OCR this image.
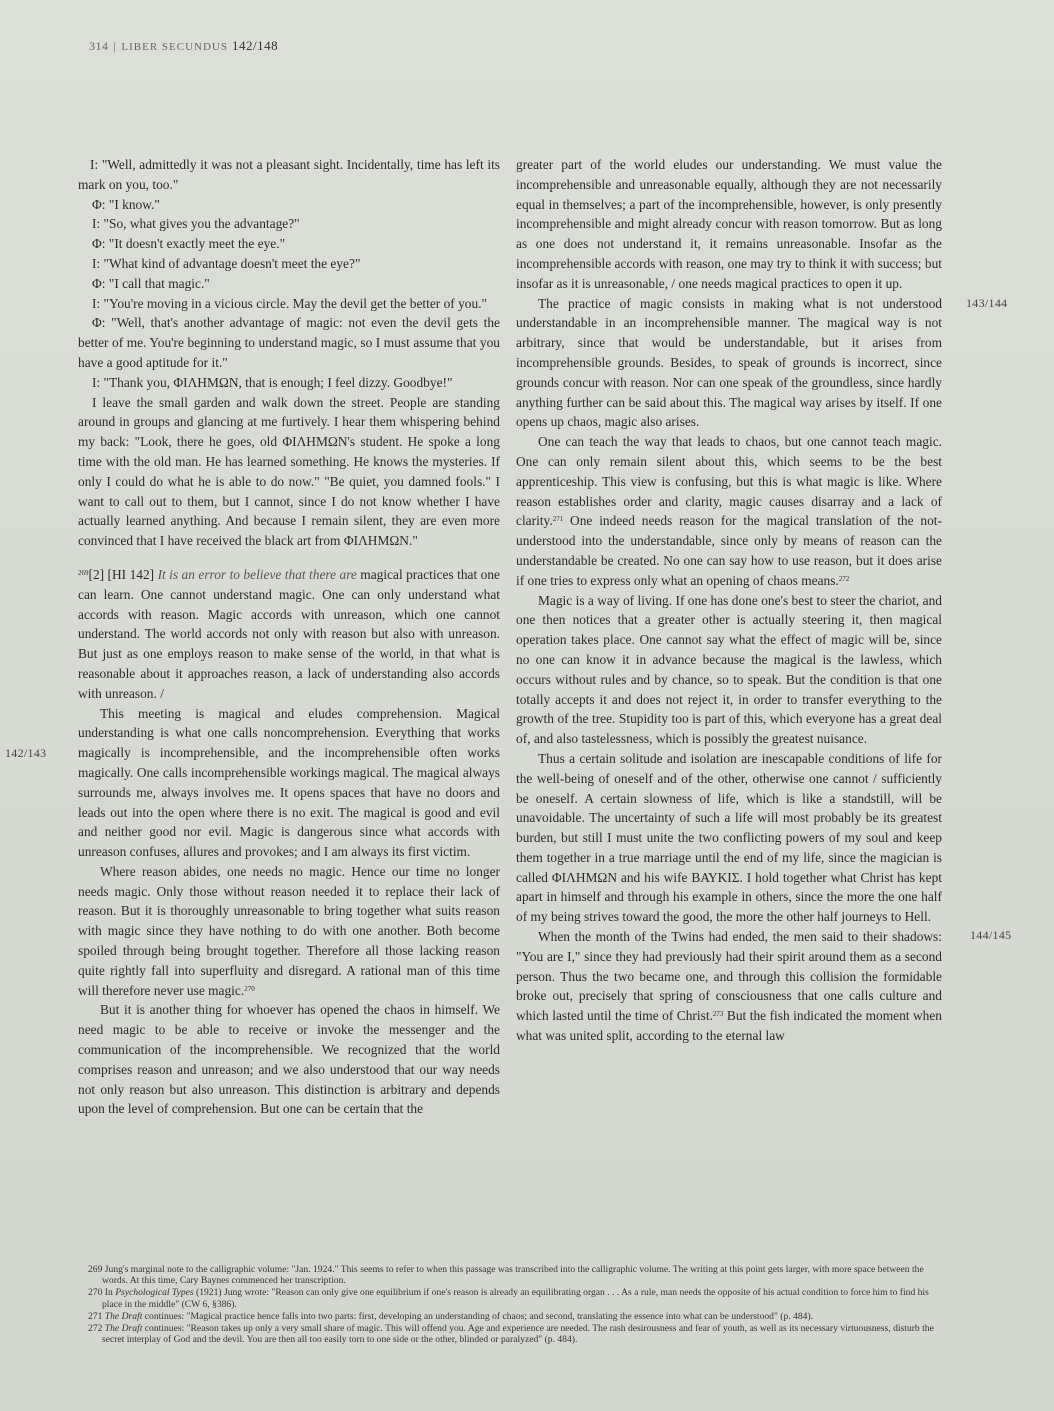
314 | LIBER SECUNDUS 142/148
142/143
143/144
144/145

I: "Well, admittedly it was not a pleasant sight. Incidentally, time has left its mark on you, too."

Φ: "I know."

I: "So, what gives you the advantage?"

Φ: "It doesn't exactly meet the eye."

I: "What kind of advantage doesn't meet the eye?"

Φ: "I call that magic."

I: "You're moving in a vicious circle. May the devil get the better of you."

Φ: "Well, that's another advantage of magic: not even the devil gets the better of me. You're beginning to understand magic, so I must assume that you have a good aptitude for it."

I: "Thank you, ΦΙΛΗΜΩΝ, that is enough; I feel dizzy. Goodbye!"

I leave the small garden and walk down the street. People are standing around in groups and glancing at me furtively. I hear them whispering behind my back: "Look, there he goes, old ΦΙΛΗΜΩΝ's student. He spoke a long time with the old man. He has learned something. He knows the mysteries. If only I could do what he is able to do now." "Be quiet, you damned fools." I want to call out to them, but I cannot, since I do not know whether I have actually learned anything. And because I remain silent, they are even more convinced that I have received the black art from ΦΙΛΗΜΩΝ."

$^{269}$[2] [HI 142] It is an error to believe that there are magical practices that one can learn. One cannot understand magic. One can only understand what accords with reason. Magic accords with unreason, which one cannot understand. The world accords not only with reason but also with unreason. But just as one employs reason to make sense of the world, in that what is reasonable about it approaches reason, a lack of understanding also accords with unreason. /

This meeting is magical and eludes comprehension. Magical understanding is what one calls noncomprehension. Everything that works magically is incomprehensible, and the incomprehensible often works magically. One calls incomprehensible workings magical. The magical always surrounds me, always involves me. It opens spaces that have no doors and leads out into the open where there is no exit. The magical is good and evil and neither good nor evil. Magic is dangerous since what accords with unreason confuses, allures and provokes; and I am always its first victim.

Where reason abides, one needs no magic. Hence our time no longer needs magic. Only those without reason needed it to replace their lack of reason. But it is thoroughly unreasonable to bring together what suits reason with magic since they have nothing to do with one another. Both become spoiled through being brought together. Therefore all those lacking reason quite rightly fall into superfluity and disregard. A rational man of this time will therefore never use magic.$^{270}$

But it is another thing for whoever has opened the chaos in himself. We need magic to be able to receive or invoke the messenger and the communication of the incomprehensible. We recognized that the world comprises reason and unreason; and we also understood that our way needs not only reason but also unreason. This distinction is arbitrary and depends upon the level of comprehension. But one can be certain that the

greater part of the world eludes our understanding. We must value the incomprehensible and unreasonable equally, although they are not necessarily equal in themselves; a part of the incomprehensible, however, is only presently incomprehensible and might already concur with reason tomorrow. But as long as one does not understand it, it remains unreasonable. Insofar as the incomprehensible accords with reason, one may try to think it with success; but insofar as it is unreasonable, / one needs magical practices to open it up.

The practice of magic consists in making what is not understood understandable in an incomprehensible manner. The magical way is not arbitrary, since that would be understandable, but it arises from incomprehensible grounds. Besides, to speak of grounds is incorrect, since grounds concur with reason. Nor can one speak of the groundless, since hardly anything further can be said about this. The magical way arises by itself. If one opens up chaos, magic also arises.

One can teach the way that leads to chaos, but one cannot teach magic. One can only remain silent about this, which seems to be the best apprenticeship. This view is confusing, but this is what magic is like. Where reason establishes order and clarity, magic causes disarray and a lack of clarity.$^{271}$ One indeed needs reason for the magical translation of the not-understood into the understandable, since only by means of reason can the understandable be created. No one can say how to use reason, but it does arise if one tries to express only what an opening of chaos means.$^{272}$

Magic is a way of living. If one has done one's best to steer the chariot, and one then notices that a greater other is actually steering it, then magical operation takes place. One cannot say what the effect of magic will be, since no one can know it in advance because the magical is the lawless, which occurs without rules and by chance, so to speak. But the condition is that one totally accepts it and does not reject it, in order to transfer everything to the growth of the tree. Stupidity too is part of this, which everyone has a great deal of, and also tastelessness, which is possibly the greatest nuisance.

Thus a certain solitude and isolation are inescapable conditions of life for the well-being of oneself and of the other, otherwise one cannot / sufficiently be oneself. A certain slowness of life, which is like a standstill, will be unavoidable. The uncertainty of such a life will most probably be its greatest burden, but still I must unite the two conflicting powers of my soul and keep them together in a true marriage until the end of my life, since the magician is called ΦΙΛΗΜΩΝ and his wife ΒΑΥΚΙΣ. I hold together what Christ has kept apart in himself and through his example in others, since the more the one half of my being strives toward the good, the more the other half journeys to Hell.

When the month of the Twins had ended, the men said to their shadows: "You are I," since they had previously had their spirit around them as a second person. Thus the two became one, and through this collision the formidable broke out, precisely that spring of consciousness that one calls culture and which lasted until the time of Christ.$^{273}$ But the fish indicated the moment when what was united split, according to the eternal law

269 Jung's marginal note to the calligraphic volume: "Jan. 1924." This seems to refer to when this passage was transcribed into the calligraphic volume. The writing at this point gets larger, with more space between the words. At this time, Cary Baynes commenced her transcription.
270 In Psychological Types (1921) Jung wrote: "Reason can only give one equilibrium if one's reason is already an equilibrating organ . . . As a rule, man needs the opposite of his actual condition to force him to find his place in the middle" (CW 6, §386).
271 The Draft continues: "Magical practice hence falls into two parts: first, developing an understanding of chaos; and second, translating the essence into what can be understood" (p. 484).
272 The Draft continues: "Reason takes up only a very small share of magic. This will offend you. Age and experience are needed. The rash desirousness and fear of youth, as well as its necessary virtuousness, disturb the secret interplay of God and the devil. You are then all too easily torn to one side or the other, blinded or paralyzed" (p. 484).
